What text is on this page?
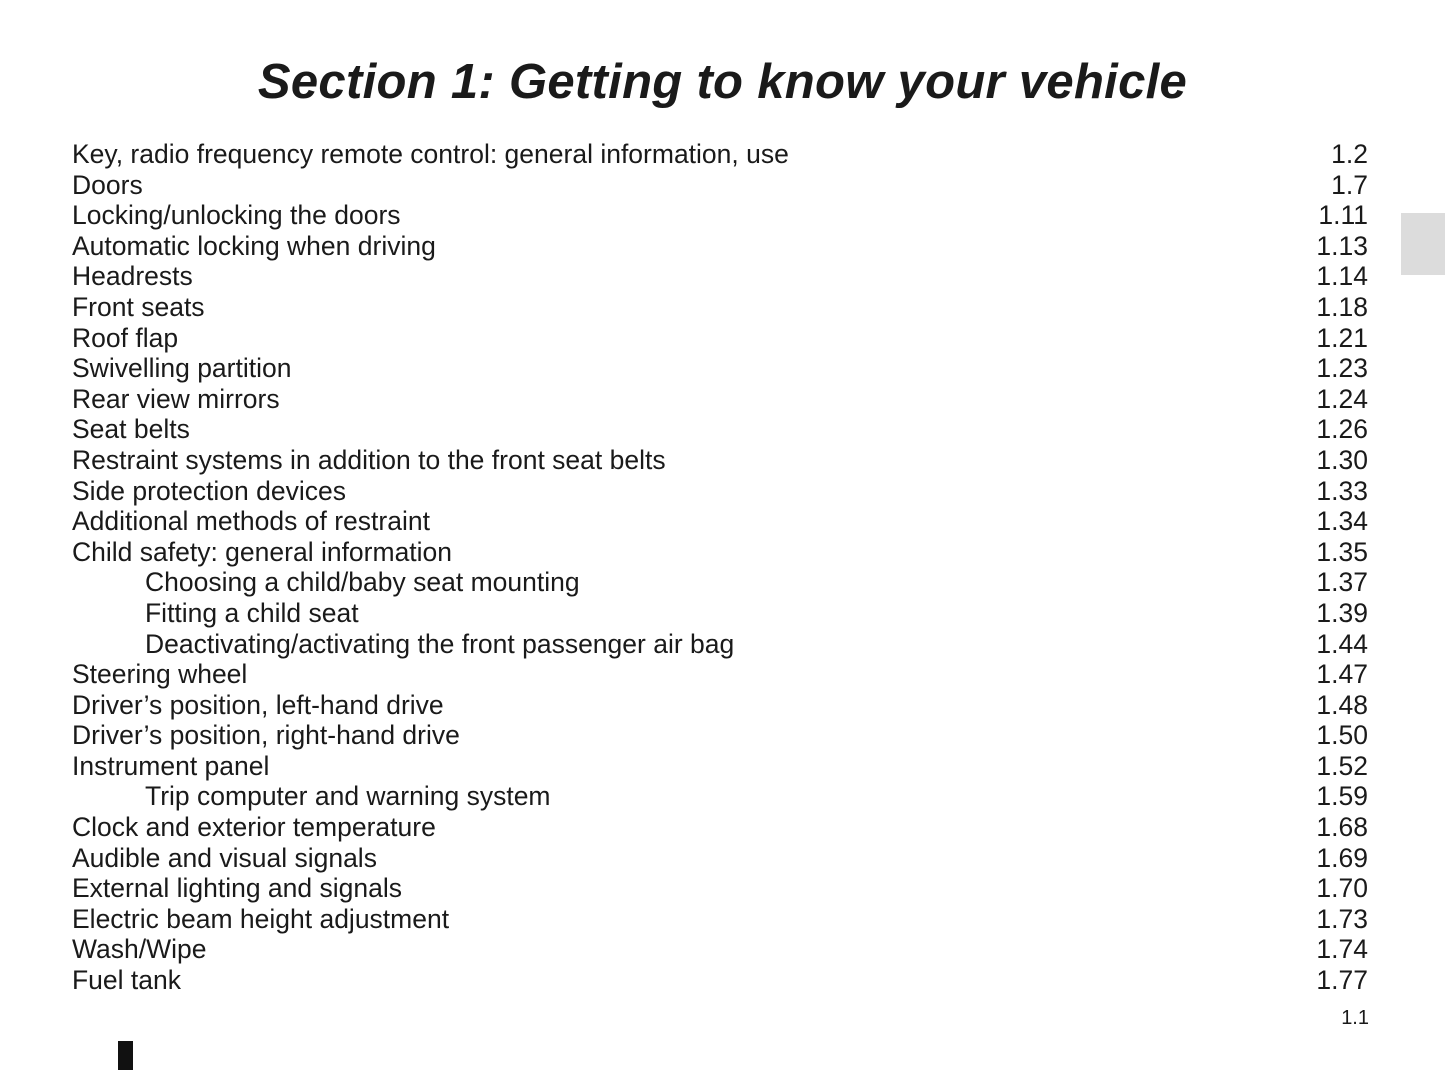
Section 1: Getting to know your vehicle
Key, radio frequency remote control: general information, use	1.2
Doors	1.7
Locking/unlocking the doors	1.11
Automatic locking when driving	1.13
Headrests	1.14
Front seats	1.18
Roof flap	1.21
Swivelling partition	1.23
Rear view mirrors	1.24
Seat belts	1.26
Restraint systems in addition to the front seat belts	1.30
Side protection devices	1.33
Additional methods of restraint	1.34
Child safety: general information	1.35
Choosing a child/baby seat mounting	1.37
Fitting a child seat	1.39
Deactivating/activating the front passenger air bag	1.44
Steering wheel	1.47
Driver’s position, left-hand drive	1.48
Driver’s position, right-hand drive	1.50
Instrument panel	1.52
Trip computer and warning system	1.59
Clock and exterior temperature	1.68
Audible and visual signals	1.69
External lighting and signals	1.70
Electric beam height adjustment	1.73
Wash/Wipe	1.74
Fuel tank	1.77
1.1
